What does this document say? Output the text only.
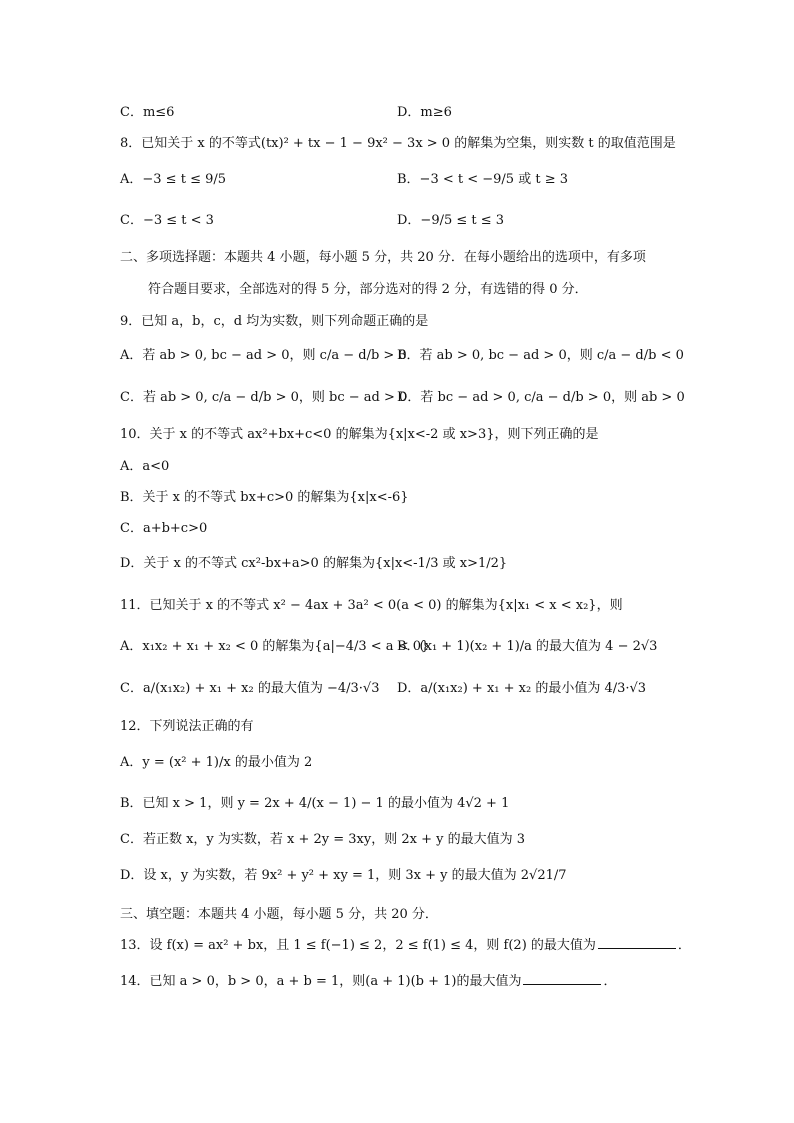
C．m≤6	D．m≥6
8．已知关于 x 的不等式(tx)² + tx − 1 − 9x² − 3x > 0 的解集为空集，则实数 t 的取值范围是
A．−3 ≤ t ≤ 9/5	B．−3 < t < −9/5 或 t ≥ 3
C．−3 ≤ t < 3	D．−9/5 ≤ t ≤ 3
二、多项选择题：本题共 4 小题，每小题 5 分，共 20 分．在每小题给出的选项中，有多项
符合题目要求，全部选对的得 5 分，部分选对的得 2 分，有选错的得 0 分．
9．已知 a，b，c，d 均为实数，则下列命题正确的是
A．若 ab > 0, bc − ad > 0，则 c/a − d/b > 0
B．若 ab > 0, bc − ad > 0，则 c/a − d/b < 0
C．若 ab > 0, c/a − d/b > 0，则 bc − ad > 0
D．若 bc − ad > 0, c/a − d/b > 0，则 ab > 0
10．关于 x 的不等式 ax²+bx+c<0 的解集为{x|x<-2 或 x>3}，则下列正确的是
A．a<0
B．关于 x 的不等式 bx+c>0 的解集为{x|x<-6}
C．a+b+c>0
D．关于 x 的不等式 cx²-bx+a>0 的解集为{x|x<-1/3 或 x>1/2}
11．已知关于 x 的不等式 x² − 4ax + 3a² < 0(a < 0) 的解集为{x|x₁ < x < x₂}，则
A．x₁x₂ + x₁ + x₂ < 0 的解集为{a|−4/3 < a < 0}
B．(x₁ + 1)(x₂ + 1)/a 的最大值为 4 − 2√3
C．a/(x₁x₂) + x₁ + x₂ 的最大值为 −4/3·√3 D．a/(x₁x₂) + x₁ + x₂ 的最小值为 4/3·√3
12．下列说法正确的有
A．y = (x² + 1)/x 的最小值为 2
B．已知 x > 1，则 y = 2x + 4/(x − 1) − 1 的最小值为 4√2 + 1
C．若正数 x，y 为实数，若 x + 2y = 3xy，则 2x + y 的最大值为 3
D．设 x，y 为实数，若 9x² + y² + xy = 1，则 3x + y 的最大值为 2√21/7
三、填空题：本题共 4 小题，每小题 5 分，共 20 分．
13．设 f(x) = ax² + bx，且 1 ≤ f(−1) ≤ 2，2 ≤ f(1) ≤ 4，则 f(2) 的最大值为	．
14．已知 a > 0，b > 0，a + b = 1，则(a + 1)(b + 1)的最大值为	．
